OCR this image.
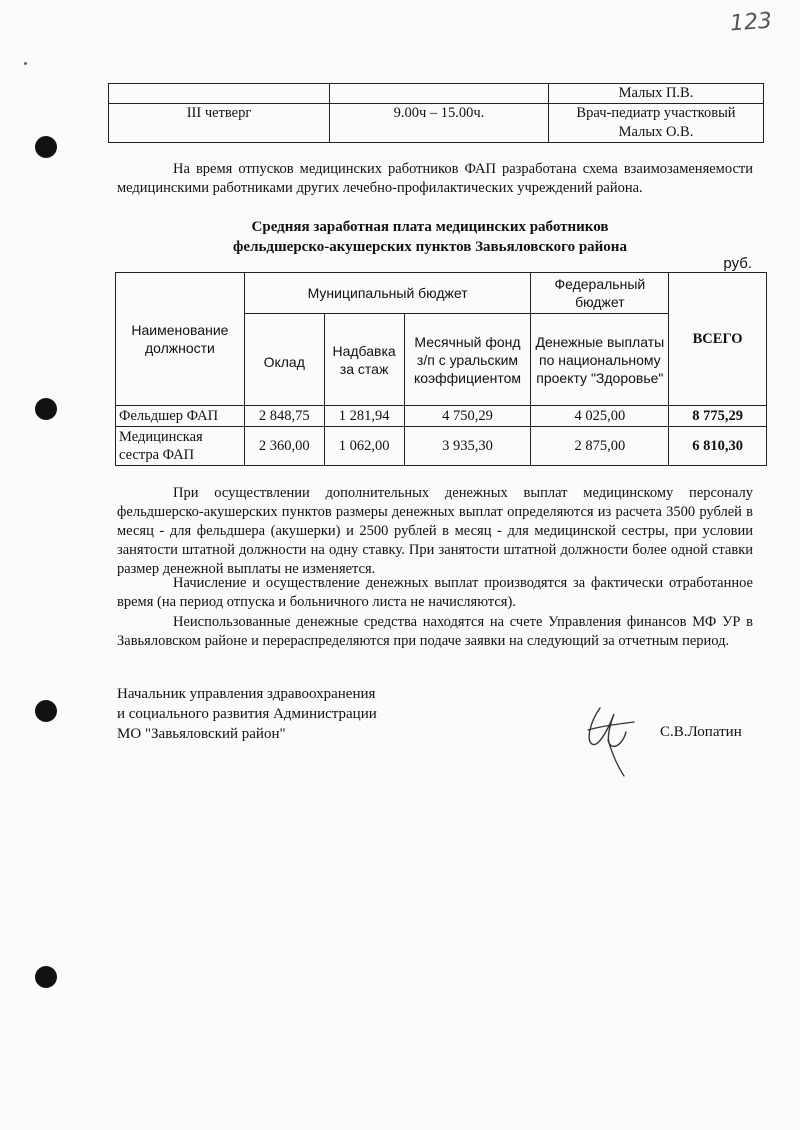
123
		Малых П.В.
III четверг	9.00ч – 15.00ч.	Врач-педиатр участковый
Малых О.В.
На время отпусков медицинских работников ФАП разработана схема взаимозаменяемости медицинскими работниками других лечебно-профилактических учреждений района.
Средняя заработная плата медицинских работников
фельдшерско-акушерских пунктов Завьяловского района
руб.
Наименование должности	Муниципальный бюджет			Федеральный бюджет	ВСЕГО
	Оклад	Надбавка за стаж	Месячный фонд з/п с уральским коэффициентом	Денежные выплаты по национальному проекту "Здоровье"	
Фельдшер ФАП	2 848,75	1 281,94	4 750,29	4 025,00	8 775,29
Медицинская сестра ФАП	2 360,00	1 062,00	3 935,30	2 875,00	6 810,30
При осуществлении дополнительных денежных выплат медицинскому персоналу фельдшерско-акушерских пунктов размеры денежных выплат определяются из расчета 3500 рублей в месяц - для фельдшера (акушерки) и 2500 рублей в месяц - для медицинской сестры, при условии занятости штатной должности на одну ставку. При занятости штатной должности более одной ставки размер денежной выплаты не изменяется.
Начисление и осуществление денежных выплат производятся за фактически отработанное время (на период отпуска и больничного листа не начисляются).
Неиспользованные денежные средства находятся на счете Управления финансов МФ УР в Завьяловском районе и перераспределяются при подаче заявки на следующий за отчетным период.
Начальник управления здравоохранения
и социального развития Администрации
МО "Завьяловский район"	С.В.Лопатин
